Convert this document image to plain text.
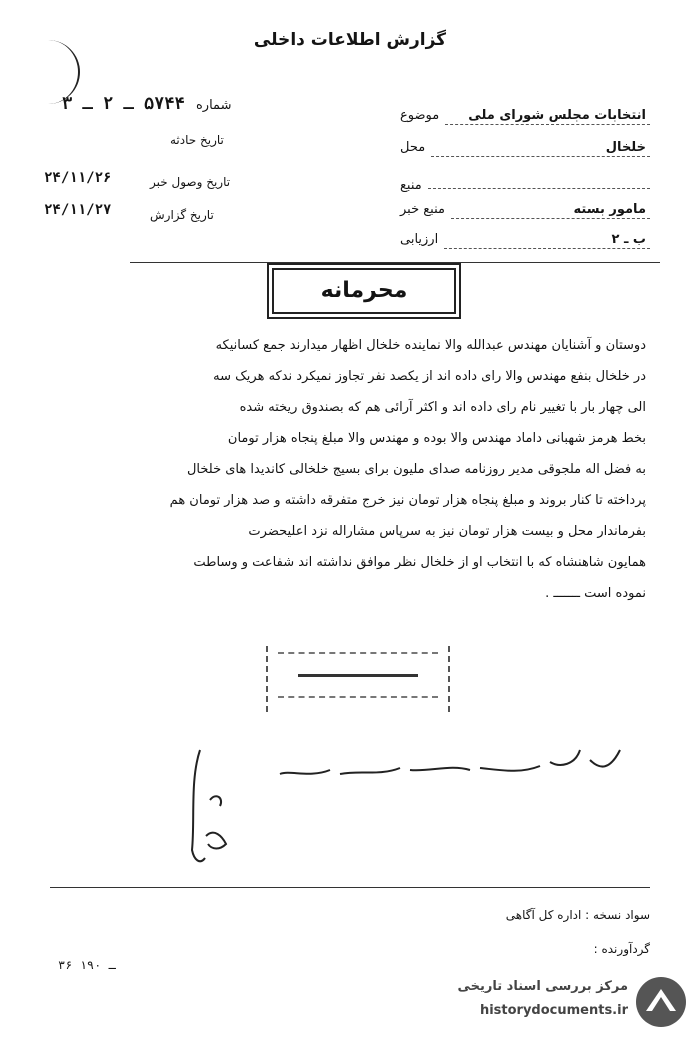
گزارش اطلاعات داخلی
۵۷۴۴ ـ ۲ ـ ۳ شماره
تاریخ حادثه
۲۴/۱۱/۲۶	تاریخ وصول خبر
۲۴/۱۱/۲۷	تاریخ گزارش
موضوع	انتخابات مجلس شورای ملی
محل	خلخال
منبع
منبع خبر	مامور بسته
ارزیابی	ب ـ ۲
محرمانه
دوستان و آشنایان مهندس عبدالله والا نماینده خلخال اظهار میدارند جمع کسانیکه
در خلخال بنفع مهندس والا رای داده اند از یکصد نفر تجاوز نمیکرد ندکه هریک سه
الی چهار بار با تغییر نام رای داده اند و اکثر آرائی هم که بصندوق ریخته شده
بخط هرمز شهبانی داماد مهندس والا بوده و مهندس والا مبلغ پنجاه هزار تومان
به فضل اله ملجوقی مدیر روزنامه صدای ملیون برای بسیج خلخالی کاندیدا های خلخال
پرداخته تا کنار بروند و مبلغ پنجاه هزار تومان نیز خرج متفرقه داشته و صد هزار تومان هم
بفرماندار محل و بیست هزار تومان نیز به سرپاس مشاراله نزد اعلیحضرت
همایون شاهنشاه که با انتخاب او از خلخال نظر موافق نداشته اند شفاعت و وساطت
نموده است ـــــــ .
سواد نسخه : اداره کل آگاهی
گردآورنده :
۳۶ ـ ۱۹۰
مرکز بررسی اسناد تاریخی
historydocuments.ir
